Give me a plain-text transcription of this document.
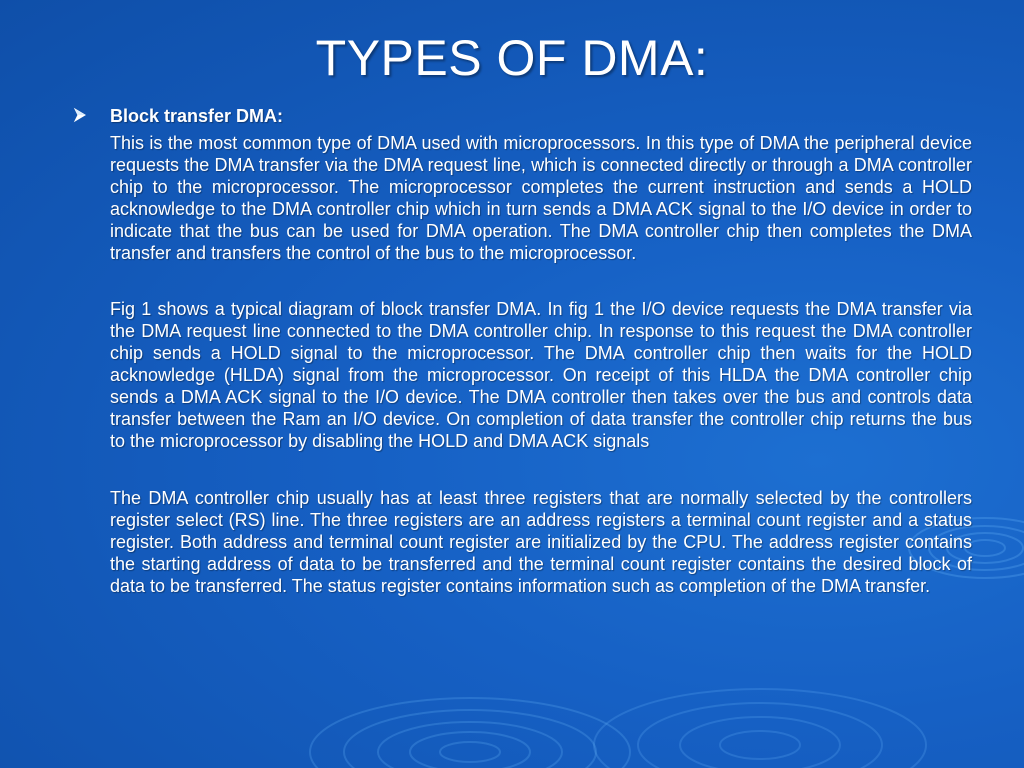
TYPES OF DMA:
Block transfer DMA:

This is the most common type of DMA used with microprocessors. In this type of DMA the peripheral device requests the DMA transfer via the DMA request line, which is connected directly or through a DMA controller chip to the microprocessor. The microprocessor completes the current instruction and sends a HOLD acknowledge to the DMA controller chip which in turn sends a DMA ACK signal to the I/O device in order to indicate that the bus can be used for DMA operation. The DMA controller chip then completes the DMA transfer and transfers the control of the bus to the microprocessor.

Fig 1 shows a typical diagram of block transfer DMA. In fig 1 the I/O device requests the DMA transfer via the DMA request line connected to the DMA controller chip. In response to this request the DMA controller chip sends a HOLD signal to the microprocessor. The DMA controller chip then waits for the HOLD acknowledge (HLDA) signal from the microprocessor. On receipt of this HLDA the DMA controller chip sends a DMA ACK signal to the I/O device. The DMA controller then takes over the bus and controls data transfer between the Ram an I/O device. On completion of data transfer the controller chip returns the bus to the microprocessor by disabling the HOLD and DMA ACK signals

The DMA controller chip usually has at least three registers that are normally selected by the controllers register select (RS) line. The three registers are an address registers a terminal count register and a status register. Both address and terminal count register are initialized by the CPU. The address register contains the starting address of data to be transferred and the terminal count register contains the desired block of data to be transferred. The status register contains information such as completion of the DMA transfer.
